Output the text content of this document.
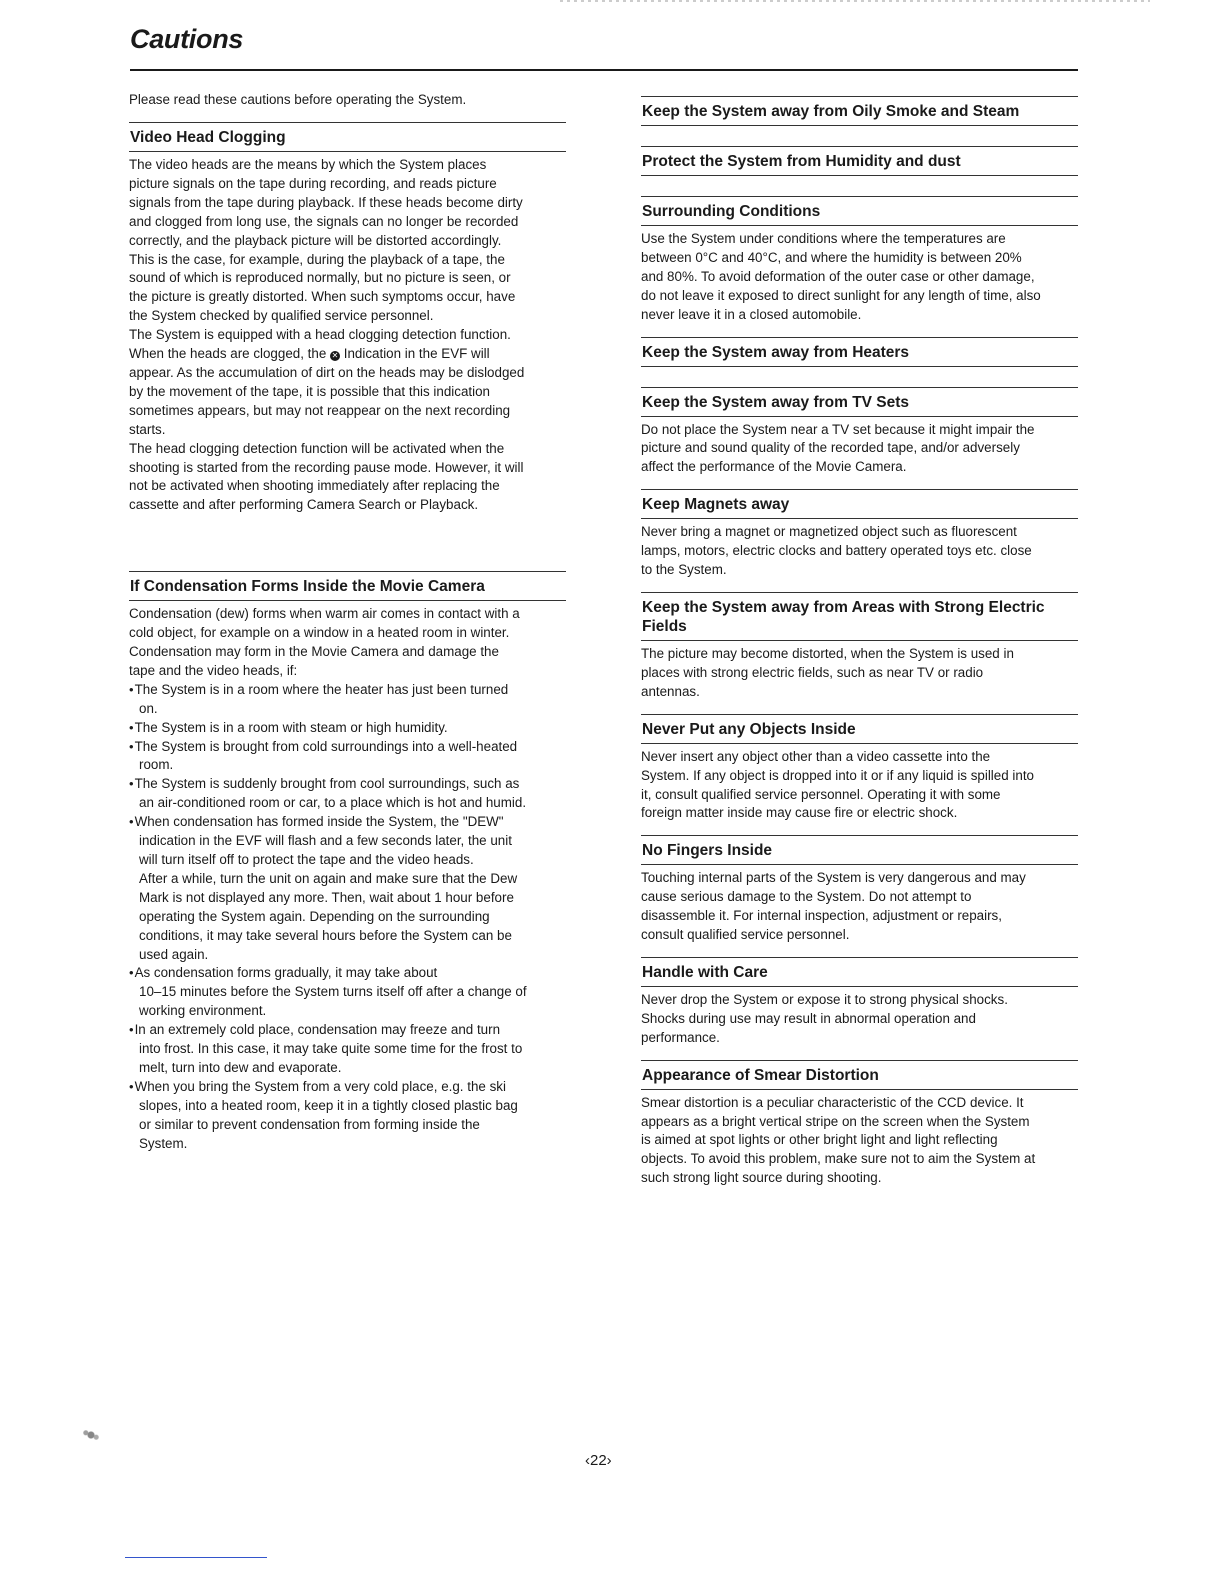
Cautions

Please read these cautions before operating the System.

Video Head Clogging

The video heads are the means by which the System places
picture signals on the tape during recording, and reads picture
signals from the tape during playback. If these heads become dirty
and clogged from long use, the signals can no longer be recorded
correctly, and the playback picture will be distorted accordingly.
This is the case, for example, during the playback of a tape, the
sound of which is reproduced normally, but no picture is seen, or
the picture is greatly distorted. When such symptoms occur, have
the System checked by qualified service personnel.
The System is equipped with a head clogging detection function.
When the heads are clogged, the ✕ Indication in the EVF will
appear. As the accumulation of dirt on the heads may be dislodged
by the movement of the tape, it is possible that this indication
sometimes appears, but may not reappear on the next recording
starts.
The head clogging detection function will be activated when the
shooting is started from the recording pause mode. However, it will
not be activated when shooting immediately after replacing the
cassette and after performing Camera Search or Playback.

If Condensation Forms Inside the Movie Camera

Condensation (dew) forms when warm air comes in contact with a
cold object, for example on a window in a heated room in winter.
Condensation may form in the Movie Camera and damage the
tape and the video heads, if:

• The System is in a room where the heater has just been turned
on.
• The System is in a room with steam or high humidity.
• The System is brought from cold surroundings into a well-heated
room.
• The System is suddenly brought from cool surroundings, such as
an air-conditioned room or car, to a place which is hot and humid.
• When condensation has formed inside the System, the "DEW"
indication in the EVF will flash and a few seconds later, the unit
will turn itself off to protect the tape and the video heads.
After a while, turn the unit on again and make sure that the Dew
Mark is not displayed any more. Then, wait about 1 hour before
operating the System again. Depending on the surrounding
conditions, it may take several hours before the System can be
used again.
• As condensation forms gradually, it may take about
10–15 minutes before the System turns itself off after a change of
working environment.
• In an extremely cold place, condensation may freeze and turn
into frost. In this case, it may take quite some time for the frost to
melt, turn into dew and evaporate.
• When you bring the System from a very cold place, e.g. the ski
slopes, into a heated room, keep it in a tightly closed plastic bag
or similar to prevent condensation from forming inside the
System.
Keep the System away from Oily Smoke and Steam
Protect the System from Humidity and dust
Surrounding Conditions

Use the System under conditions where the temperatures are
between 0°C and 40°C, and where the humidity is between 20%
and 80%. To avoid deformation of the outer case or other damage,
do not leave it exposed to direct sunlight for any length of time, also
never leave it in a closed automobile.

Keep the System away from Heaters
Keep the System away from TV Sets

Do not place the System near a TV set because it might impair the
picture and sound quality of the recorded tape, and/or adversely
affect the performance of the Movie Camera.

Keep Magnets away

Never bring a magnet or magnetized object such as fluorescent
lamps, motors, electric clocks and battery operated toys etc. close
to the System.

Keep the System away from Areas with Strong Electric Fields

The picture may become distorted, when the System is used in
places with strong electric fields, such as near TV or radio
antennas.

Never Put any Objects Inside

Never insert any object other than a video cassette into the
System. If any object is dropped into it or if any liquid is spilled into
it, consult qualified service personnel. Operating it with some
foreign matter inside may cause fire or electric shock.

No Fingers Inside

Touching internal parts of the System is very dangerous and may
cause serious damage to the System. Do not attempt to
disassemble it. For internal inspection, adjustment or repairs,
consult qualified service personnel.

Handle with Care

Never drop the System or expose it to strong physical shocks.
Shocks during use may result in abnormal operation and
performance.

Appearance of Smear Distortion

Smear distortion is a peculiar characteristic of the CCD device. It
appears as a bright vertical stripe on the screen when the System
is aimed at spot lights or other bright light and light reflecting
objects. To avoid this problem, make sure not to aim the System at
such strong light source during shooting.

‹22›
